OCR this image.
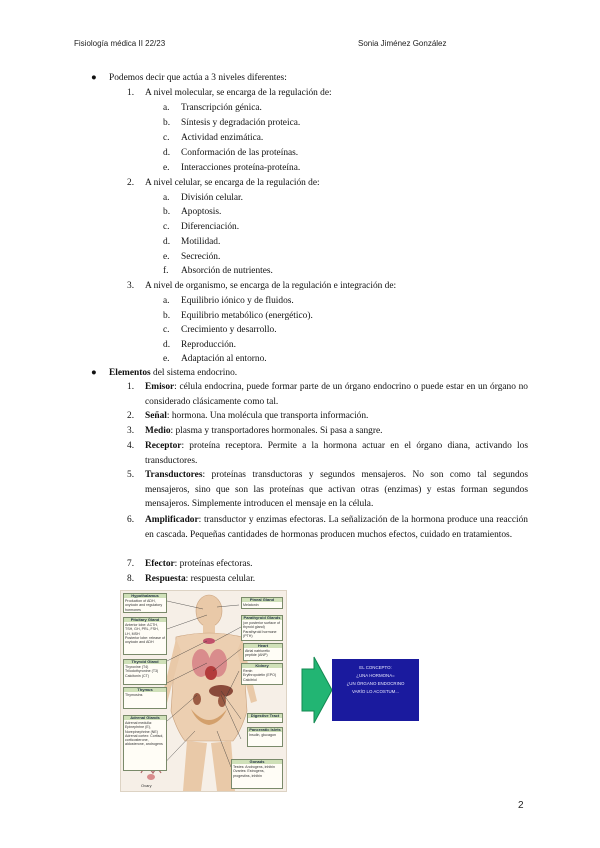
Fisiología médica II 22/23	Sonia Jiménez González
● Podemos decir que actúa a 3 niveles diferentes:
1. A nivel molecular, se encarga de la regulación de:
a. Transcripción génica.
b. Síntesis y degradación proteica.
c. Actividad enzimática.
d. Conformación de las proteínas.
e. Interacciones proteína-proteína.
2. A nivel celular, se encarga de la regulación de:
a. División celular.
b. Apoptosis.
c. Diferenciación.
d. Motilidad.
e. Secreción.
f. Absorción de nutrientes.
3. A nivel de organismo, se encarga de la regulación e integración de:
a. Equilibrio iónico y de fluidos.
b. Equilibrio metabólico (energético).
c. Crecimiento y desarrollo.
d. Reproducción.
e. Adaptación al entorno.
● Elementos del sistema endocrino.
1. Emisor: célula endocrina, puede formar parte de un órgano endocrino o puede estar en un órgano no considerado clásicamente como tal.
2. Señal: hormona. Una molécula que transporta información.
3. Medio: plasma y transportadores hormonales. Si pasa a sangre.
4. Receptor: proteína receptora. Permite a la hormona actuar en el órgano diana, activando los transductores.
5. Transductores: proteínas transductoras y segundos mensajeros. No son como tal segundos mensajeros, sino que son las proteínas que activan otras (enzimas) y estas forman segundos mensajeros. Simplemente introducen el mensaje en la célula.
6. Amplificador: transductor y enzimas efectoras. La señalización de la hormona produce una reacción en cascada. Pequeñas cantidades de hormonas producen muchos efectos, cuidado en tratamientos.
7. Efector: proteínas efectoras.
8. Respuesta: respuesta celular.
Hypothalamus
Production of ADH, oxytocin and regulatory hormones
Pituitary Gland
Anterior lobe: ACTH, TSH, GH, PRL, FSH, LH, MSH
Posterior lobe: release of oxytocin and ADH
Thyroid Gland
Thyroxine (T4)
Triiodothyronine (T3)
Calcitonin (CT)
Thymus
Thymosins
Adrenal Glands
Adrenal medulla: Epinephrine (E), Norepinephrine (NE)
Adrenal cortex: Cortisol, corticosterone, aldosterone, androgens
Pineal Gland
Melatonin
Parathyroid Glands
(on posterior surface of thyroid gland) Parathyroid hormone (PTH)
Heart
Atrial natriuretic peptide (ANP)
Kidney
Renin
Erythropoietin (EPO)
Calcitriol
Digestive Tract
Pancreatic Islets
Insulin, glucagon
Gonads
Testes: Androgens, inhibin
Ovaries: Estrogens, progestins, inhibin
Ovary
EL CONCEPTO:
¿UNA HORMONA=
¿UN ÓRGANO ENDOCRINO
VARÍO LO ACOSTUM...
2
